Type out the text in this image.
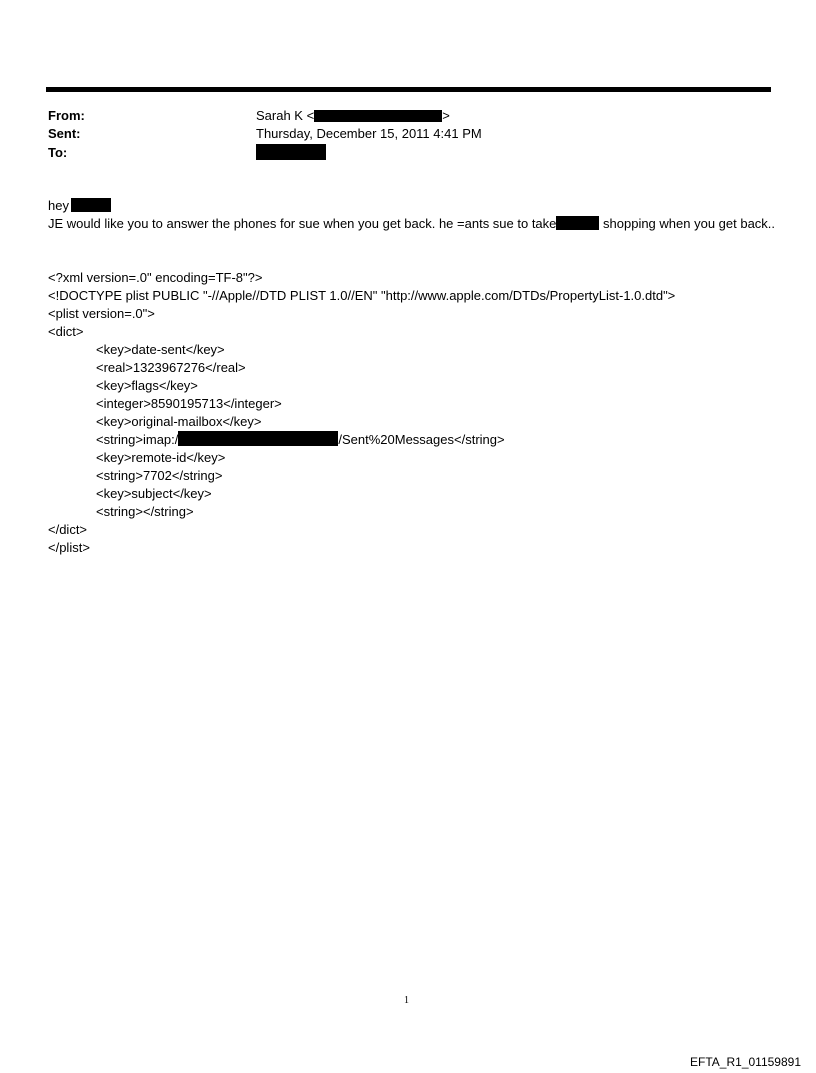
From:	Sarah K <	>
Sent:	Thursday, December 15, 2011 4:41 PM
To:
hey
JE would like you to answer the phones for sue when you get back. he =ants sue to take	shopping when you get back..
<?xml version=.0" encoding=TF-8"?>
<!DOCTYPE plist PUBLIC "-//Apple//DTD PLIST 1.0//EN" "http://www.apple.com/DTDs/PropertyList-1.0.dtd">
<plist version=.0">
<dict>
<key>date-sent</key>
<real>1323967276</real>
<key>flags</key>
<integer>8590195713</integer>
<key>original-mailbox</key>
<string>imap:/	/Sent%20Messages</string>
<key>remote-id</key>
<string>7702</string>
<key>subject</key>
<string></string>
</dict>
</plist>
1
EFTA_R1_01159891
